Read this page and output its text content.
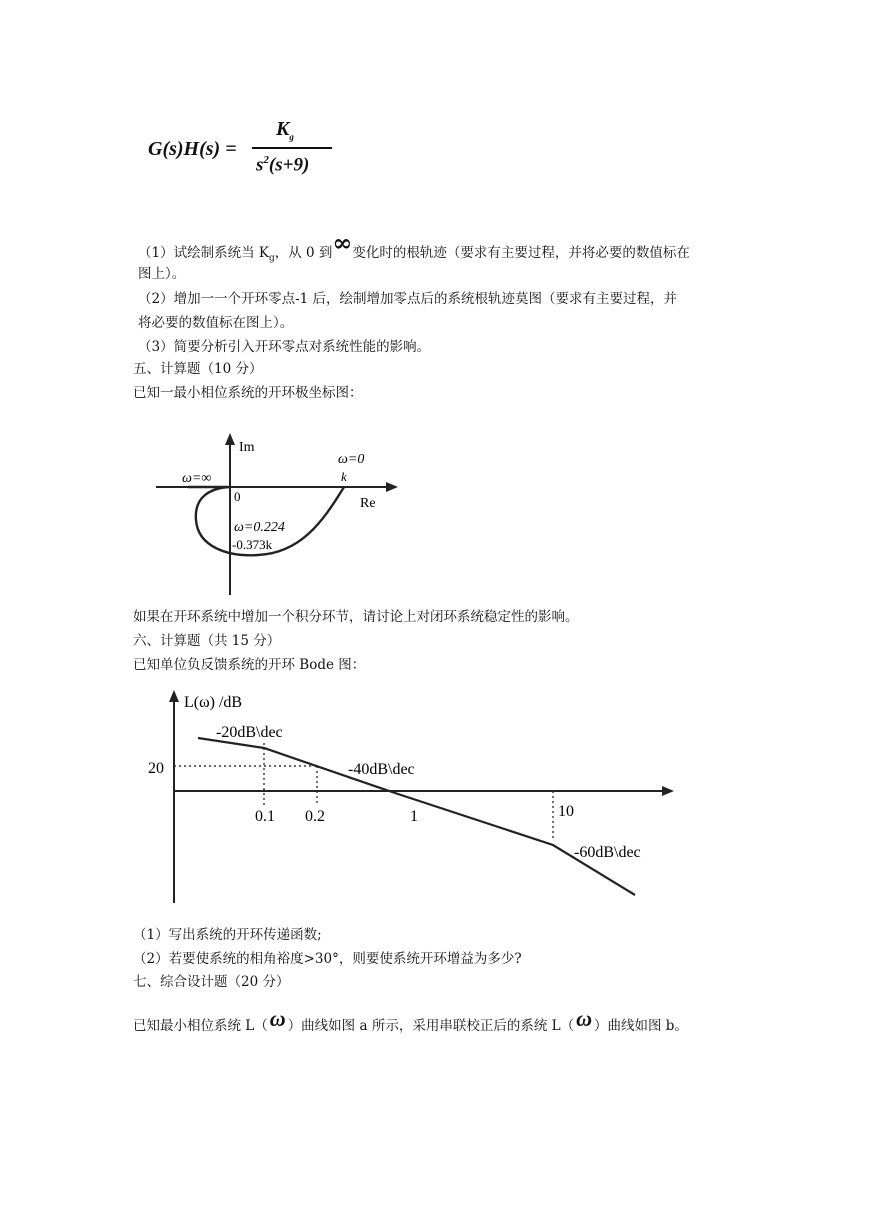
G(s)H(s) =
$K_g$
$s^2(s+9)$
（1）试绘制系统当 $K_g$，从 0 到∞变化时的根轨迹（要求有主要过程，并将必要的数值标在
图上）。
（2）增加一一个开环零点-1 后，绘制增加零点后的系统根轨迹莫图（要求有主要过程，并
将必要的数值标在图上）。
（3）简要分析引入开环零点对系统性能的影响。
五、计算题（10 分）
已知一最小相位系统的开环极坐标图：
Im
Re
0
ω=∞
ω=0
k
ω=0.224
-0.373k
如果在开环系统中增加一个积分环节，请讨论上对闭环系统稳定性的影响。
六、计算题（共 15 分）
已知单位负反馈系统的开环 Bode 图：
L(ω) /dB
20
0.1 0.2	1	10
-20dB\dec
-40dB\dec
-60dB\dec
（1）写出系统的开环传递函数;
（2）若要使系统的相角裕度>30°，则要使系统开环增益为多少?
七、综合设计题（20 分）
已知最小相位系统 L（ω ）曲线如图 a 所示，采用串联校正后的系统 L（ω ）曲线如图 b。
